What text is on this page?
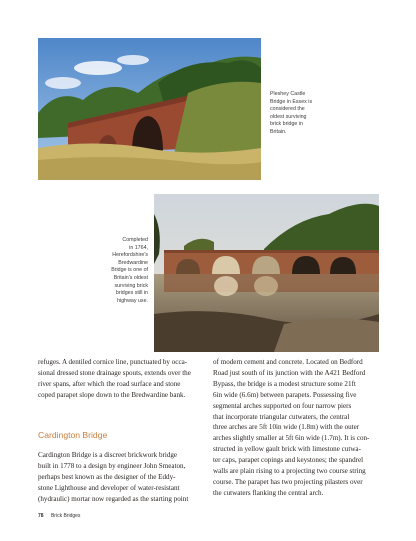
Pleshey Castle
Bridge in Essex is
considered the
oldest surviving
brick bridge in
Britain.
Completed
in 1764,
Herefordshire's
Bredwardine
Bridge is one of
Britain's oldest
surviving brick
bridges still in
highway use.
refuges. A dentiled cornice line, punctuated by occa-
sional dressed stone drainage spouts, extends over the
river spans, after which the road surface and stone
coped parapet slope down to the Bredwardine bank.
Cardington Bridge
Cardington Bridge is a discreet brickwork bridge
built in 1778 to a design by engineer John Smeaton,
perhaps best known as the designer of the Eddy-
stone Lighthouse and developer of water-resistant
(hydraulic) mortar now regarded as the starting point
of modern cement and concrete. Located on Bedford
Road just south of its junction with the A421 Bedford
Bypass, the bridge is a modest structure some 21ft
6in wide (6.6m) between parapets. Possessing five
segmental arches supported on four narrow piers
that incorporate triangular cutwaters, the central
three arches are 5ft 10in wide (1.8m) with the outer
arches slightly smaller at 5ft 6in wide (1.7m). It is con-
structed in yellow gault brick with limestone cutwa-
ter caps, parapet copings and keystones; the spandrel
walls are plain rising to a projecting two course string
course. The parapet has two projecting pilasters over
the cutwaters flanking the central arch.
78 Brick Bridges
